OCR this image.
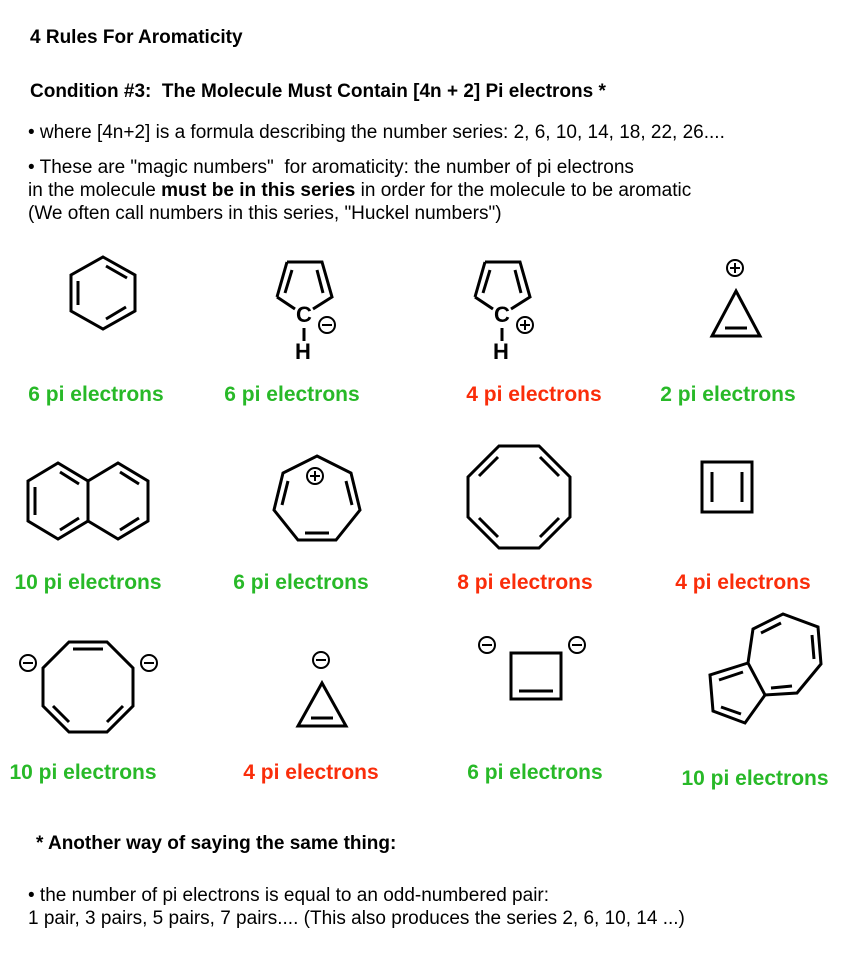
4 Rules For Aromaticity
Condition #3:  The Molecule Must Contain [4n + 2] Pi electrons *
• where [4n+2] is a formula describing the number series: 2, 6, 10, 14, 18, 22, 26....
• These are "magic numbers"  for aromaticity: the number of pi electrons
in the molecule must be in this series in order for the molecule to be aromatic
(We often call numbers in this series, "Huckel numbers")
C
H
C
H
6 pi electrons	6 pi electrons	4 pi electrons	2 pi electrons
10 pi electrons	6 pi electrons	8 pi electrons	4 pi electrons
10 pi electrons	4 pi electrons	6 pi electrons	10 pi electrons
* Another way of saying the same thing:
• the number of pi electrons is equal to an odd-numbered pair:
1 pair, 3 pairs, 5 pairs, 7 pairs.... (This also produces the series 2, 6, 10, 14 ...)
